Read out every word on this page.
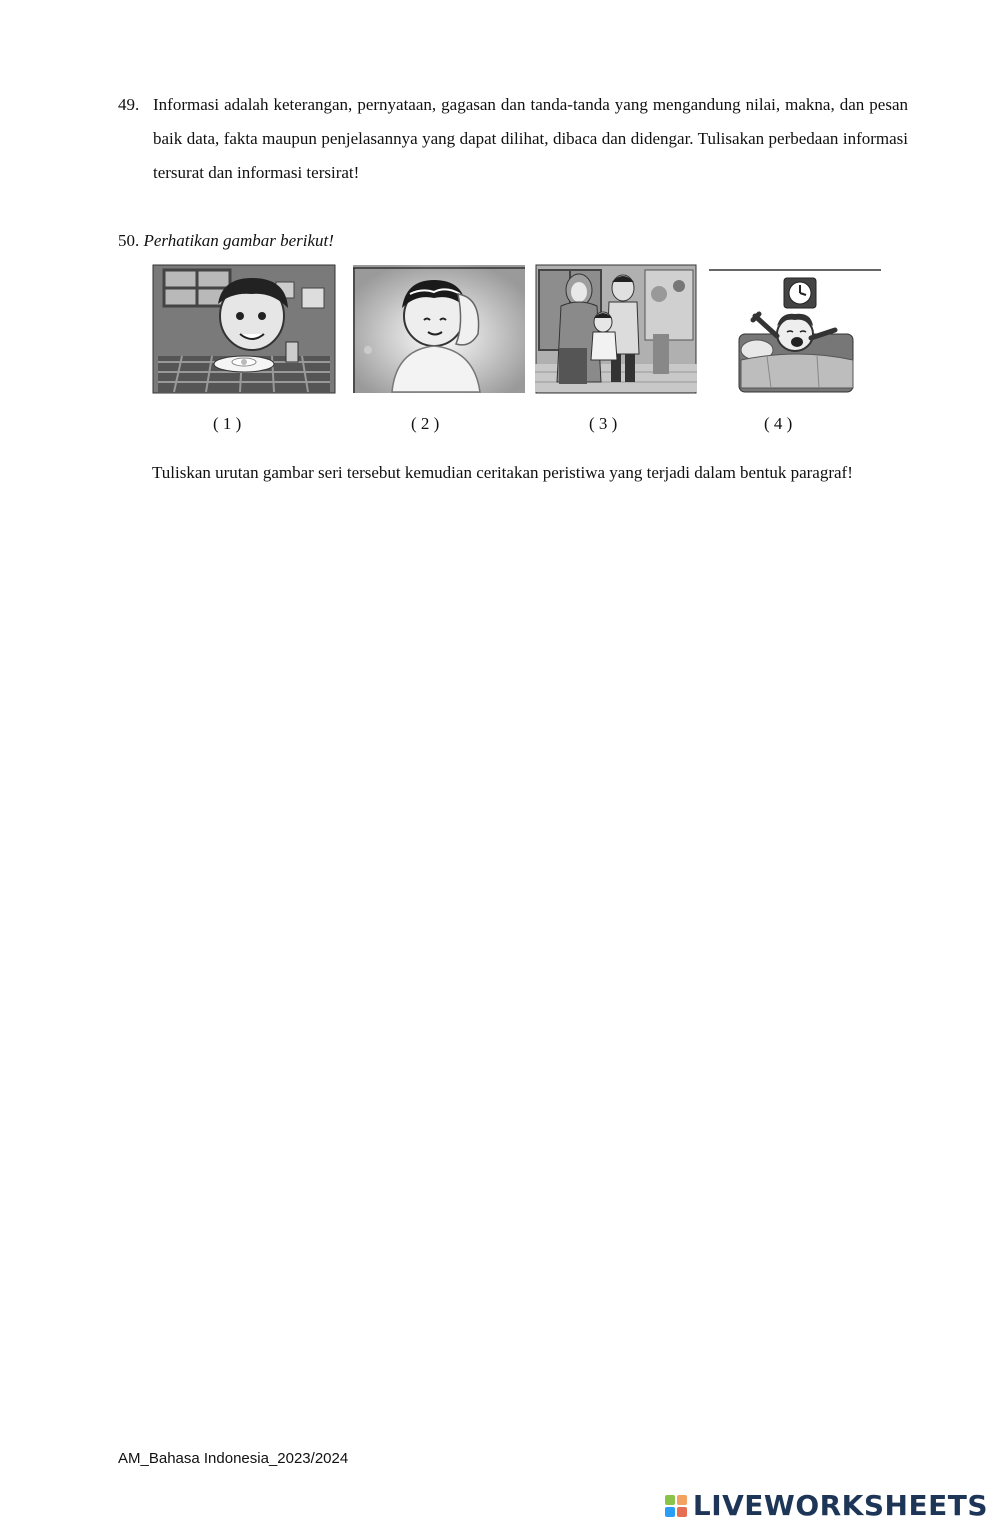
49. Informasi adalah keterangan, pernyataan, gagasan dan tanda-tanda yang mengandung nilai, makna, dan pesan baik data, fakta maupun penjelasannya yang dapat dilihat, dibaca dan didengar. Tulisakan perbedaan informasi tersurat dan informasi tersirat!
50. Perhatikan gambar berikut!
( 1 )	( 2 )	( 3 )	( 4 )
Tuliskan urutan gambar seri tersebut kemudian ceritakan peristiwa yang terjadi dalam bentuk paragraf!
AM_Bahasa Indonesia_2023/2024
LIVEWORKSHEETS
